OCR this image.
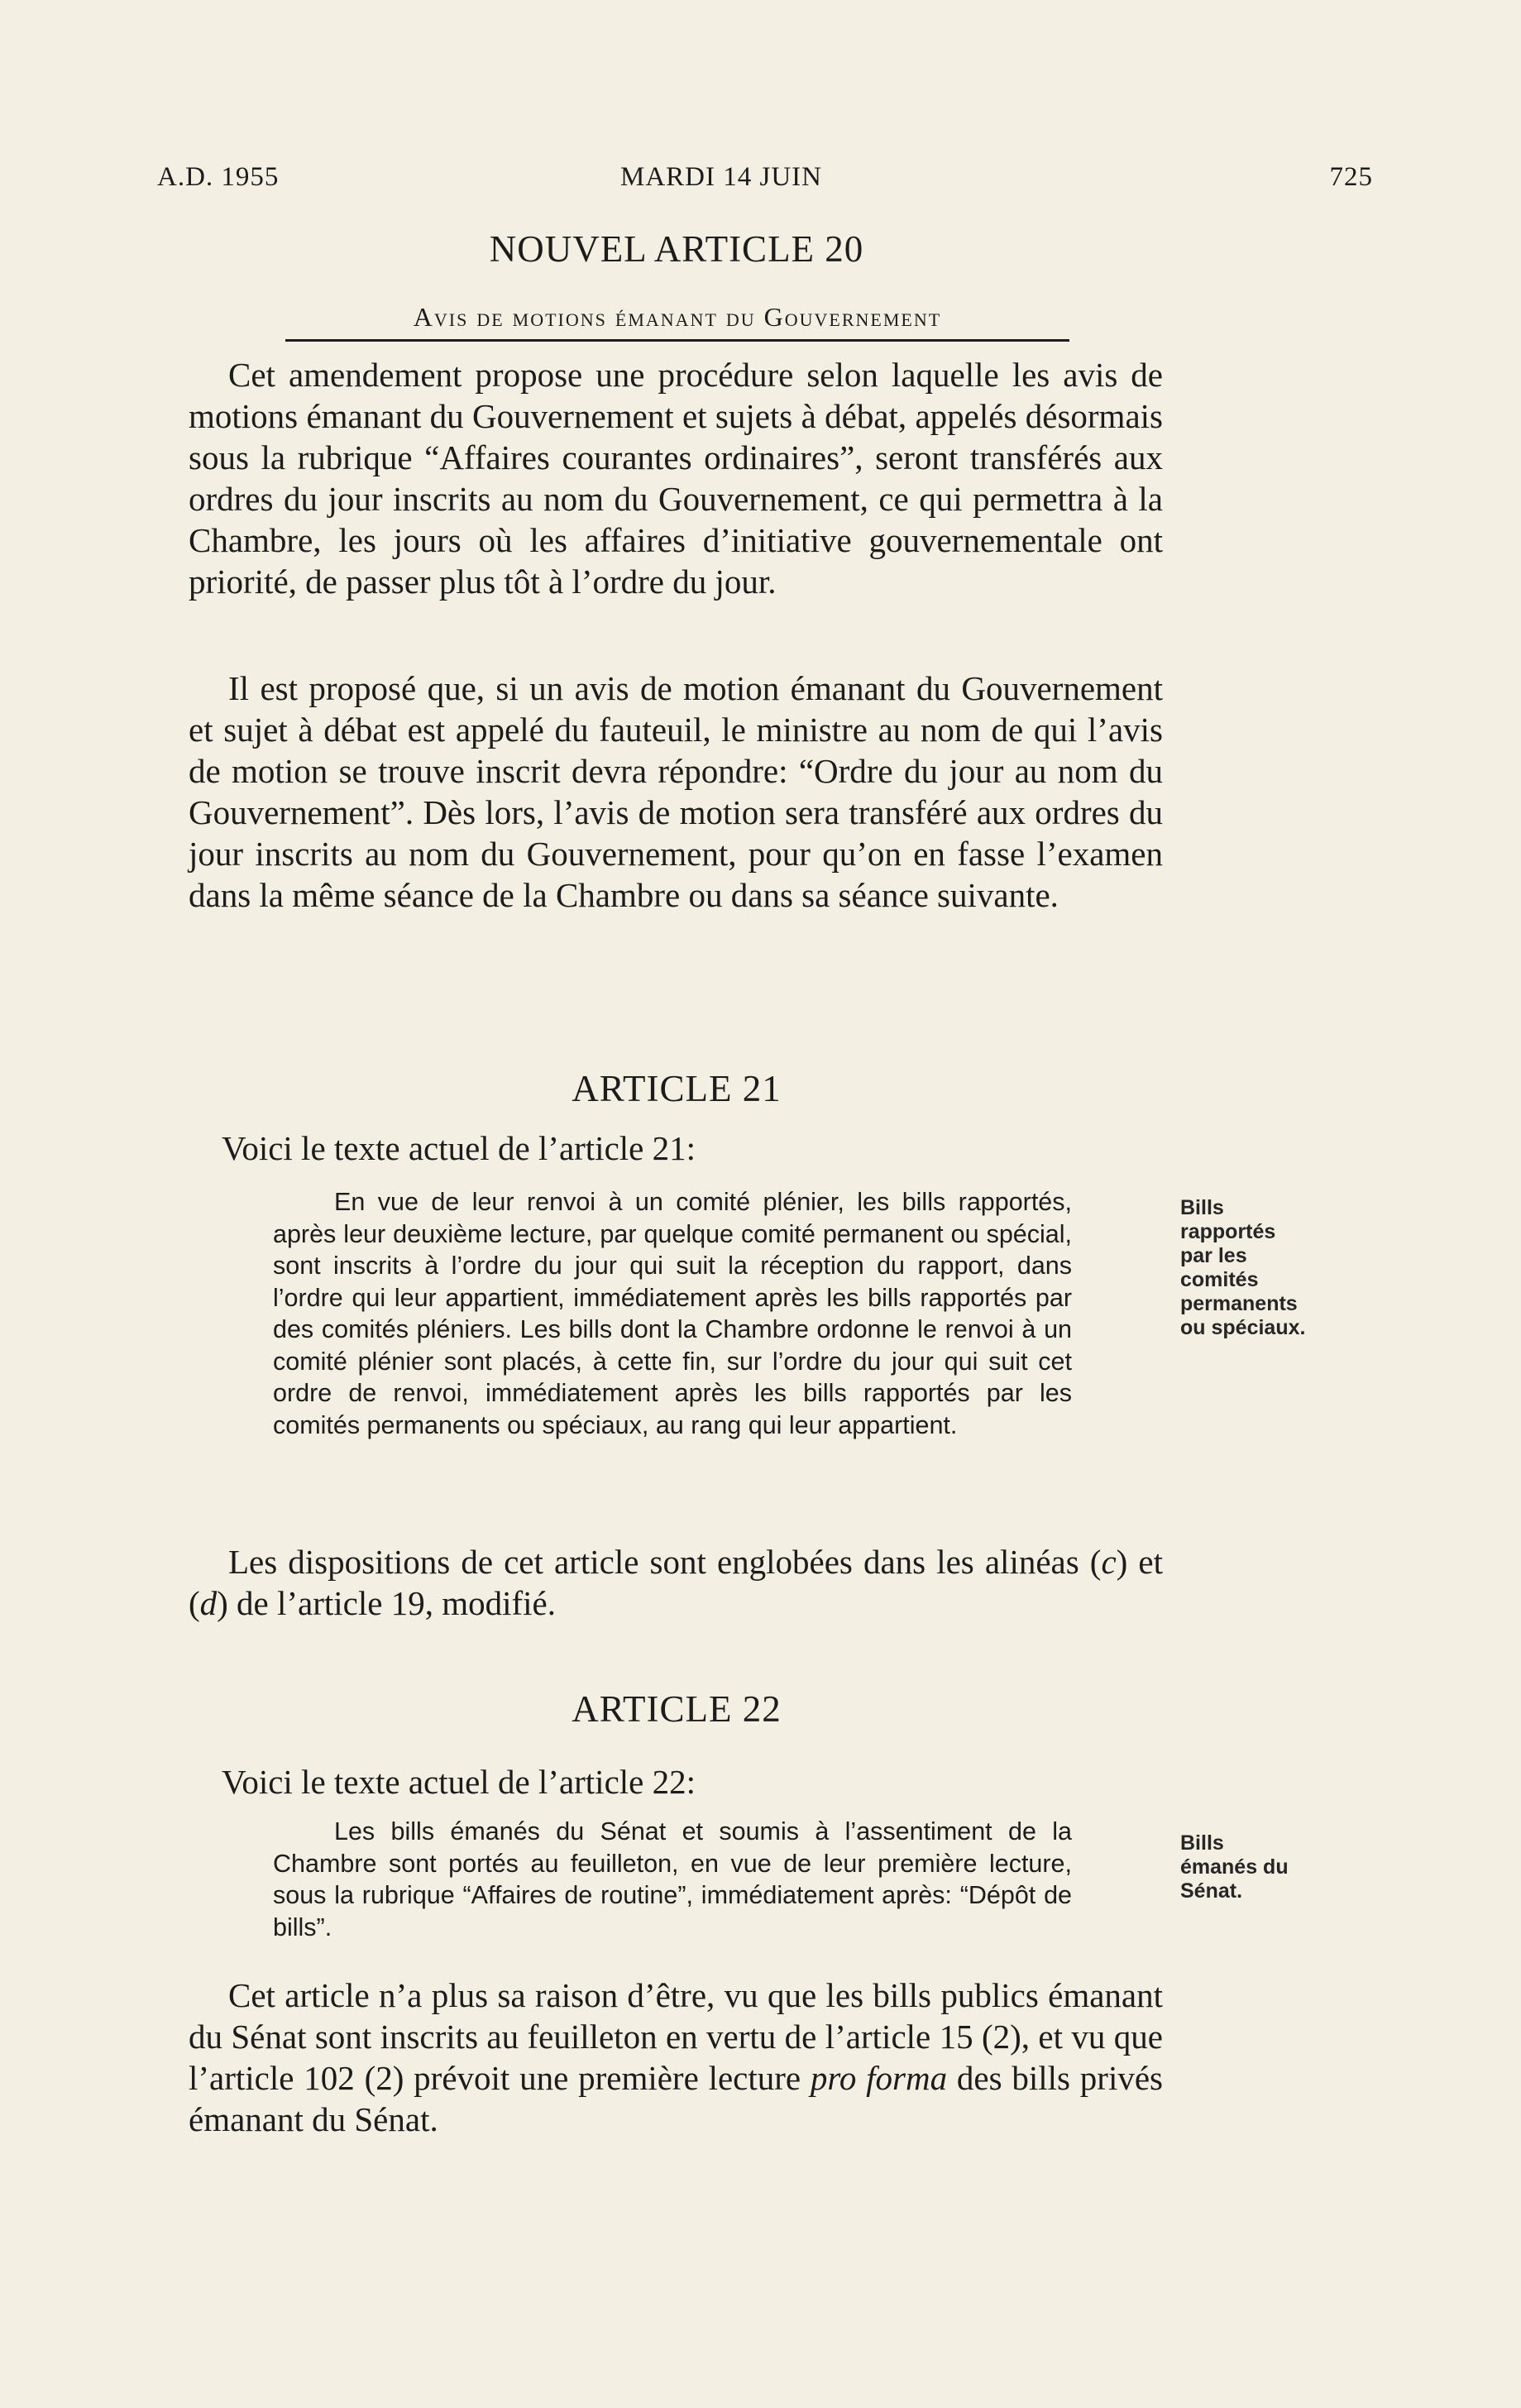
A.D. 1955	MARDI 14 JUIN	725
NOUVEL ARTICLE 20
Avis de motions émanant du Gouvernement

Cet amendement propose une procédure selon laquelle les avis de motions émanant du Gouvernement et sujets à débat, appelés désormais sous la rubrique “Affaires courantes ordinaires”, seront transférés aux ordres du jour inscrits au nom du Gouvernement, ce qui permettra à la Chambre, les jours où les affaires d’initiative gouvernementale ont priorité, de passer plus tôt à l’ordre du jour.

Il est proposé que, si un avis de motion émanant du Gouvernement et sujet à débat est appelé du fauteuil, le ministre au nom de qui l’avis de motion se trouve inscrit devra répondre: “Ordre du jour au nom du Gouvernement”. Dès lors, l’avis de motion sera transféré aux ordres du jour inscrits au nom du Gouvernement, pour qu’on en fasse l’examen dans la même séance de la Chambre ou dans sa séance suivante.

ARTICLE 21

Voici le texte actuel de l’article 21:

En vue de leur renvoi à un comité plénier, les bills rapportés, après leur deuxième lecture, par quelque comité permanent ou spécial, sont inscrits à l’ordre du jour qui suit la réception du rapport, dans l’ordre qui leur appartient, immédiatement après les bills rapportés par des comités pléniers. Les bills dont la Chambre ordonne le renvoi à un comité plénier sont placés, à cette fin, sur l’ordre du jour qui suit cet ordre de renvoi, immédiatement après les bills rapportés par les comités permanents ou spéciaux, au rang qui leur appartient.

Bills
rapportés
par les
comités
permanents
ou spéciaux.

Les dispositions de cet article sont englobées dans les alinéas (c) et (d) de l’article 19, modifié.

ARTICLE 22

Voici le texte actuel de l’article 22:

Les bills émanés du Sénat et soumis à l’assentiment de la Chambre sont portés au feuilleton, en vue de leur première lecture, sous la rubrique “Affaires de routine”, immédiatement après: “Dépôt de bills”.

Bills
émanés du
Sénat.

Cet article n’a plus sa raison d’être, vu que les bills publics émanant du Sénat sont inscrits au feuilleton en vertu de l’article 15 (2), et vu que l’article 102 (2) prévoit une première lecture pro forma des bills privés émanant du Sénat.
